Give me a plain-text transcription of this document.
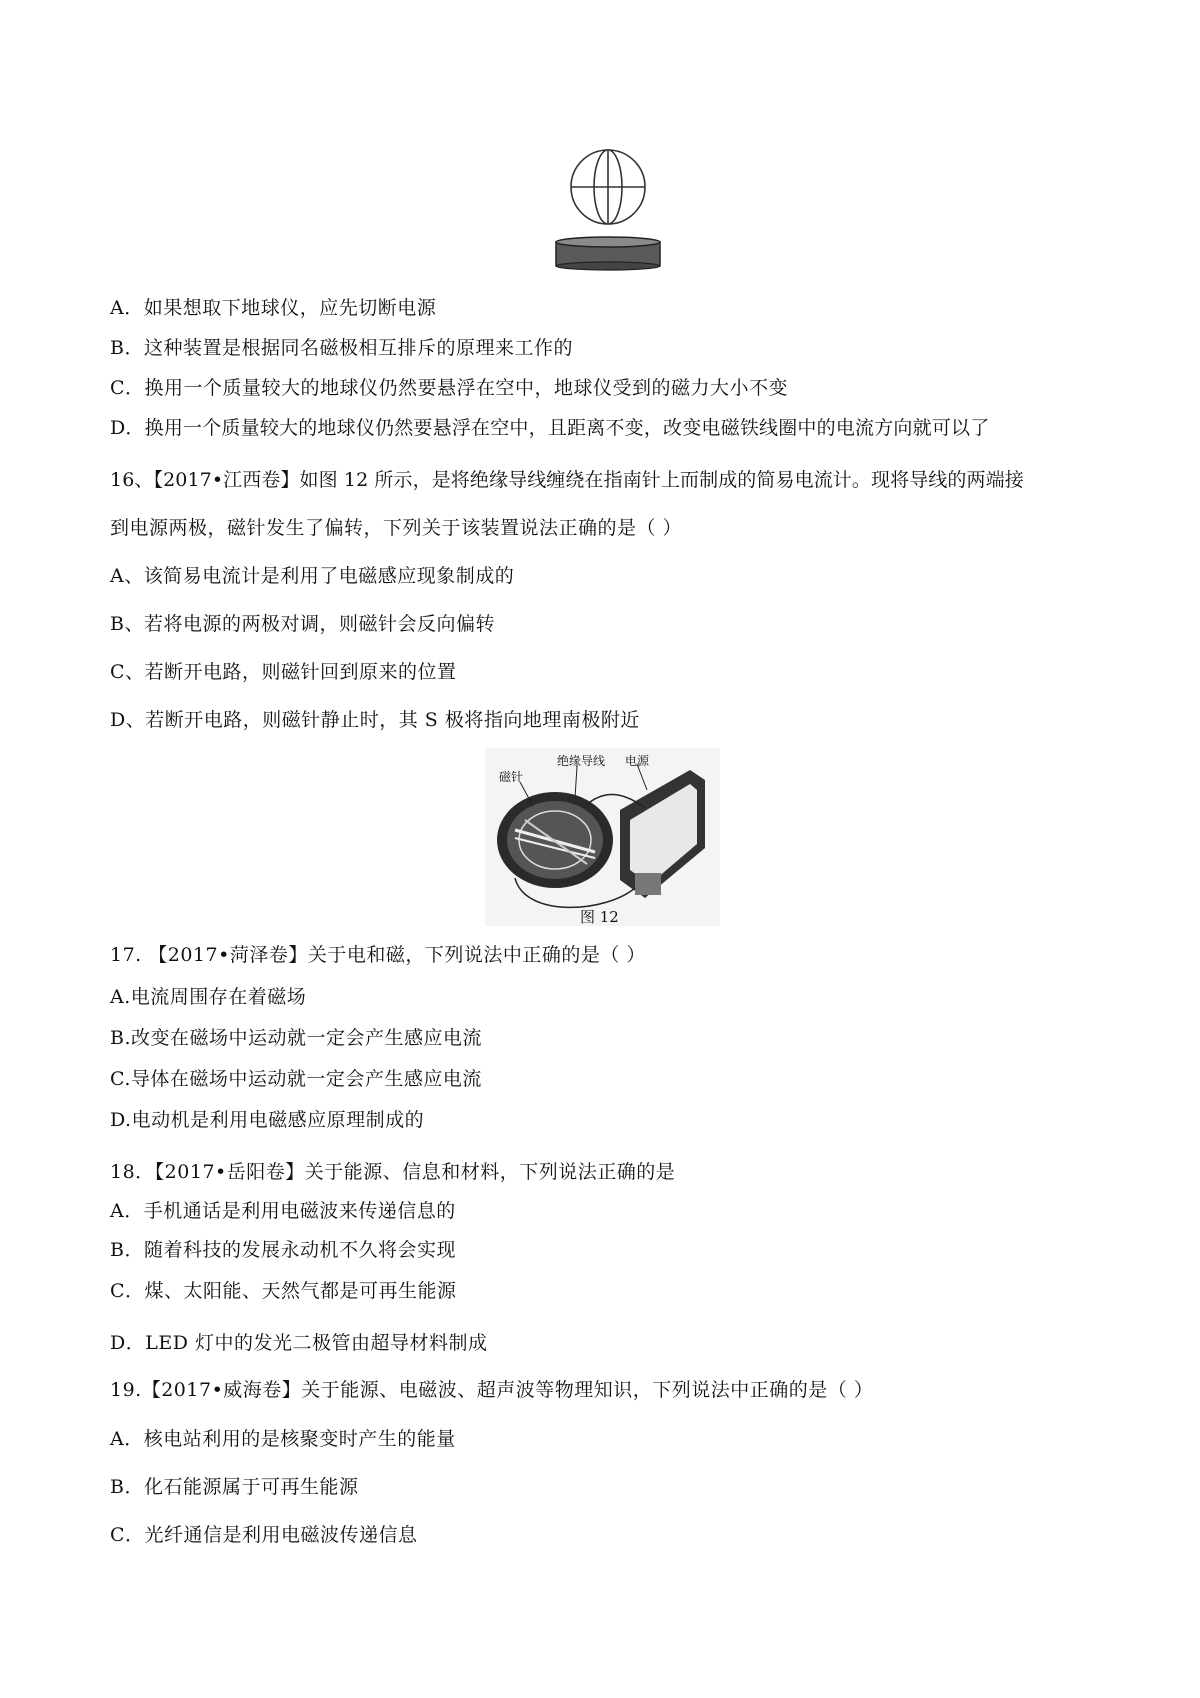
A．如果想取下地球仪，应先切断电源
B．这种装置是根据同名磁极相互排斥的原理来工作的
C．换用一个质量较大的地球仪仍然要悬浮在空中，地球仪受到的磁力大小不变
D．换用一个质量较大的地球仪仍然要悬浮在空中，且距离不变，改变电磁铁线圈中的电流方向就可以了
16、【2017•江西卷】如图 12 所示，是将绝缘导线缠绕在指南针上而制成的简易电流计。现将导线的两端接
到电源两极，磁针发生了偏转，下列关于该装置说法正确的是（ ）
A、该简易电流计是利用了电磁感应现象制成的
B、若将电源的两极对调，则磁针会反向偏转
C、若断开电路，则磁针回到原来的位置
D、若断开电路，则磁针静止时，其 S 极将指向地理南极附近
磁针
绝缘导线 电源
图 12
17. 【2017•菏泽卷】关于电和磁，下列说法中正确的是（ ）
A.电流周围存在着磁场
B.改变在磁场中运动就一定会产生感应电流
C.导体在磁场中运动就一定会产生感应电流
D.电动机是利用电磁感应原理制成的
18．【2017•岳阳卷】关于能源、信息和材料，下列说法正确的是
A．手机通话是利用电磁波来传递信息的
B．随着科技的发展永动机不久将会实现
C．煤、太阳能、天然气都是可再生能源
D．LED 灯中的发光二极管由超导材料制成
19.【2017•威海卷】关于能源、电磁波、超声波等物理知识，下列说法中正确的是（ ）
A．核电站利用的是核聚变时产生的能量
B．化石能源属于可再生能源
C．光纤通信是利用电磁波传递信息
